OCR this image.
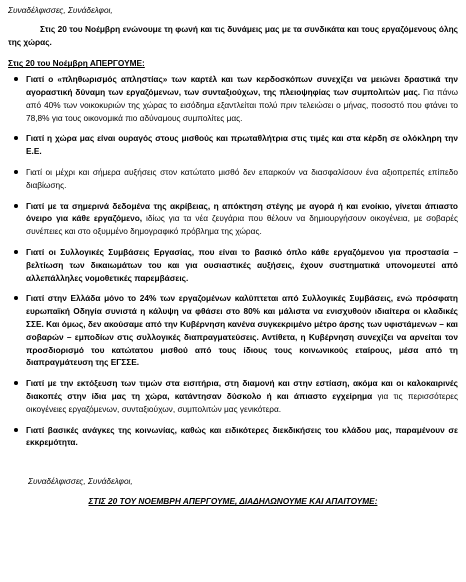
Συναδέλφισσες, Συνάδελφοι,

Στις 20 του Νοέμβρη ενώνουμε τη φωνή και τις δυνάμεις μας με τα συνδικάτα και τους εργαζόμενους όλης της χώρας.

Στις 20 του Νοέμβρη ΑΠΕΡΓΟΥΜΕ:

Γιατί ο «πληθωρισμός απληστίας» των καρτέλ και των κερδοσκόπων συνεχίζει να μειώνει δραστικά την αγοραστική δύναμη των εργαζόμενων, των συνταξιούχων, της πλειοψηφίας των συμπολιτών μας. Για πάνω από 40% των νοικοκυριών της χώρας το εισόδημα εξαντλείται πολύ πριν τελειώσει ο μήνας, ποσοστό που φτάνει το 78,8% για τους οικονομικά πιο αδύναμους συμπολίτες μας.
Γιατί η χώρα μας είναι ουραγός στους μισθούς και πρωταθλήτρια στις τιμές και στα κέρδη σε ολόκληρη την Ε.Ε.
Γιατί οι μέχρι και σήμερα αυξήσεις στον κατώτατο μισθό δεν επαρκούν να διασφαλίσουν ένα αξιοπρεπές επίπεδο διαβίωσης.
Γιατί με τα σημερινά δεδομένα της ακρίβειας, η απόκτηση στέγης με αγορά ή και ενοίκιο, γίνεται άπιαστο όνειρο για κάθε εργαζόμενο, ιδίως για τα νέα ζευγάρια που θέλουν να δημιουργήσουν οικογένεια, με σοβαρές συνέπειες και στο οξυμμένο δημογραφικό πρόβλημα της χώρας.
Γιατί οι Συλλογικές Συμβάσεις Εργασίας, που είναι το βασικό όπλο κάθε εργαζόμενου για προστασία – βελτίωση των δικαιωμάτων του και για ουσιαστικές αυξήσεις, έχουν συστηματικά υπονομευτεί από αλλεπάλληλες νομοθετικές παρεμβάσεις.
Γιατί στην Ελλάδα μόνο το 24% των εργαζομένων καλύπτεται από Συλλογικές Συμβάσεις, ενώ πρόσφατη ευρωπαϊκή Οδηγία συνιστά η κάλυψη να φθάσει στο 80% και μάλιστα να ενισχυθούν ιδιαίτερα οι κλαδικές ΣΣΕ. Και όμως, δεν ακούσαμε από την Κυβέρνηση κανένα συγκεκριμένο μέτρο άρσης των υφιστάμενων – και σοβαρών – εμποδίων στις συλλογικές διαπραγματεύσεις. Αντίθετα, η Κυβέρνηση συνεχίζει να αρνείται τον προσδιορισμό του κατώτατου μισθού από τους ίδιους τους κοινωνικούς εταίρους, μέσα από τη διαπραγμάτευση της ΕΓΣΣΕ.
Γιατί με την εκτόξευση των τιμών στα εισιτήρια, στη διαμονή και στην εστίαση, ακόμα και οι καλοκαιρινές διακοπές στην ίδια μας τη χώρα, κατάντησαν δύσκολο ή και άπιαστο εγχείρημα για τις περισσότερες οικογένειες εργαζόμενων, συνταξιούχων, συμπολιτών μας γενικότερα.
Γιατί βασικές ανάγκες της κοινωνίας, καθώς και ειδικότερες διεκδικήσεις του κλάδου μας, παραμένουν σε εκκρεμότητα.

Συναδέλφισσες, Συνάδελφοι,

ΣΤΙΣ 20 ΤΟΥ ΝΟΕΜΒΡΗ ΑΠΕΡΓΟΥΜΕ, ΔΙΑΔΗΛΩΝΟΥΜΕ ΚΑΙ ΑΠΑΙΤΟΥΜΕ:
